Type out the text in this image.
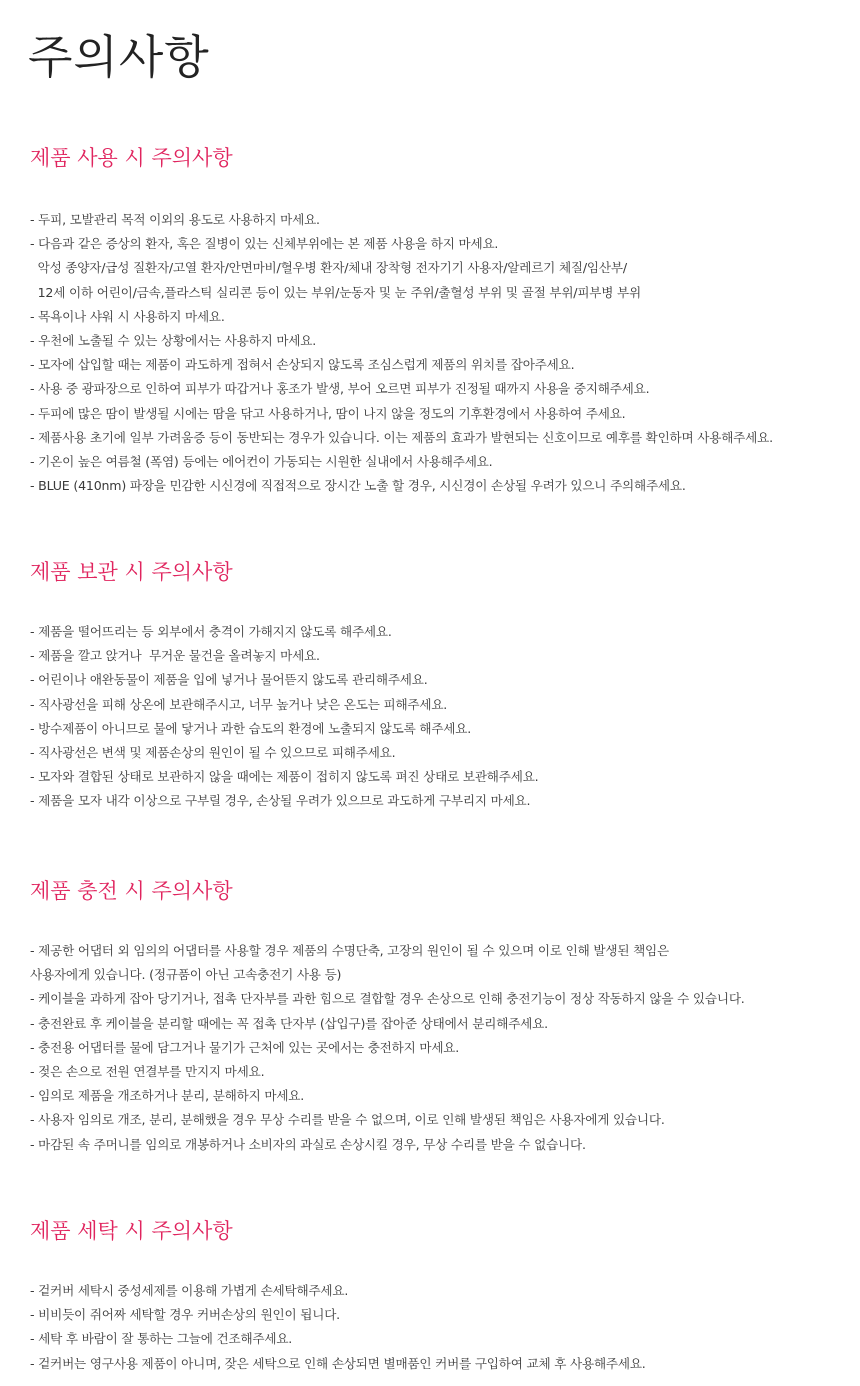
주의사항
제품 사용 시 주의사항
- 두피, 모발관리 목적 이외의 용도로 사용하지 마세요.
- 다음과 같은 증상의 환자, 혹은 질병이 있는 신체부위에는 본 제품 사용을 하지 마세요.
악성 종양자/급성 질환자/고열 환자/안면마비/혈우병 환자/체내 장착형 전자기기 사용자/알레르기 체질/임산부/
12세 이하 어린이/금속,플라스틱 실리콘 등이 있는 부위/눈동자 및 눈 주위/출혈성 부위 및 골절 부위/피부병 부위
- 목욕이나 샤워 시 사용하지 마세요.
- 우천에 노출될 수 있는 상황에서는 사용하지 마세요.
- 모자에 삽입할 때는 제품이 과도하게 접혀서 손상되지 않도록 조심스럽게 제품의 위치를 잡아주세요.
- 사용 중 광파장으로 인하여 피부가 따갑거나 홍조가 발생, 부어 오르면 피부가 진정될 때까지 사용을 중지해주세요.
- 두피에 많은 땀이 발생될 시에는 땀을 닦고 사용하거나, 땀이 나지 않을 정도의 기후환경에서 사용하여 주세요.
- 제품사용 초기에 일부 가려움증 등이 동반되는 경우가 있습니다. 이는 제품의 효과가 발현되는 신호이므로 예후를 확인하며 사용해주세요.
- 기온이 높은 여름철 (폭염) 등에는 에어컨이 가동되는 시원한 실내에서 사용해주세요.
- BLUE (410nm) 파장을 민감한 시신경에 직접적으로 장시간 노출 할 경우, 시신경이 손상될 우려가 있으니 주의해주세요.
제품 보관 시 주의사항
- 제품을 떨어뜨리는 등 외부에서 충격이 가해지지 않도록 해주세요.
- 제품을 깔고 앉거나  무거운 물건을 올려놓지 마세요.
- 어린이나 애완동물이 제품을 입에 넣거나 물어뜯지 않도록 관리해주세요.
- 직사광선을 피해 상온에 보관해주시고, 너무 높거나 낮은 온도는 피해주세요.
- 방수제품이 아니므로 물에 닿거나 과한 습도의 환경에 노출되지 않도록 해주세요.
- 직사광선은 변색 및 제품손상의 원인이 될 수 있으므로 피해주세요.
- 모자와 결합된 상태로 보관하지 않을 때에는 제품이 접히지 않도록 펴진 상태로 보관해주세요.
- 제품을 모자 내각 이상으로 구부릴 경우, 손상될 우려가 있으므로 과도하게 구부리지 마세요.
제품 충전 시 주의사항
- 제공한 어댑터 외 임의의 어댑터를 사용할 경우 제품의 수명단축, 고장의 원인이 될 수 있으며 이로 인해 발생된 책임은
사용자에게 있습니다. (정규품이 아닌 고속충전기 사용 등)
- 케이블을 과하게 잡아 당기거나, 접촉 단자부를 과한 힘으로 결합할 경우 손상으로 인해 충전기능이 정상 작동하지 않을 수 있습니다.
- 충전완료 후 케이블을 분리할 때에는 꼭 접촉 단자부 (삽입구)를 잡아준 상태에서 분리해주세요.
- 충전용 어댑터를 물에 담그거나 물기가 근처에 있는 곳에서는 충전하지 마세요.
- 젖은 손으로 전원 연결부를 만지지 마세요.
- 임의로 제품을 개조하거나 분리, 분해하지 마세요.
- 사용자 임의로 개조, 분리, 분해했을 경우 무상 수리를 받을 수 없으며, 이로 인해 발생된 책임은 사용자에게 있습니다.
- 마감된 속 주머니를 임의로 개봉하거나 소비자의 과실로 손상시킬 경우, 무상 수리를 받을 수 없습니다.
제품 세탁 시 주의사항
- 겉커버 세탁시 중성세제를 이용해 가볍게 손세탁해주세요.
- 비비듯이 쥐어짜 세탁할 경우 커버손상의 원인이 됩니다.
- 세탁 후 바람이 잘 통하는 그늘에 건조해주세요.
- 겉커버는 영구사용 제품이 아니며, 잦은 세탁으로 인해 손상되면 별매품인 커버를 구입하여 교체 후 사용해주세요.
